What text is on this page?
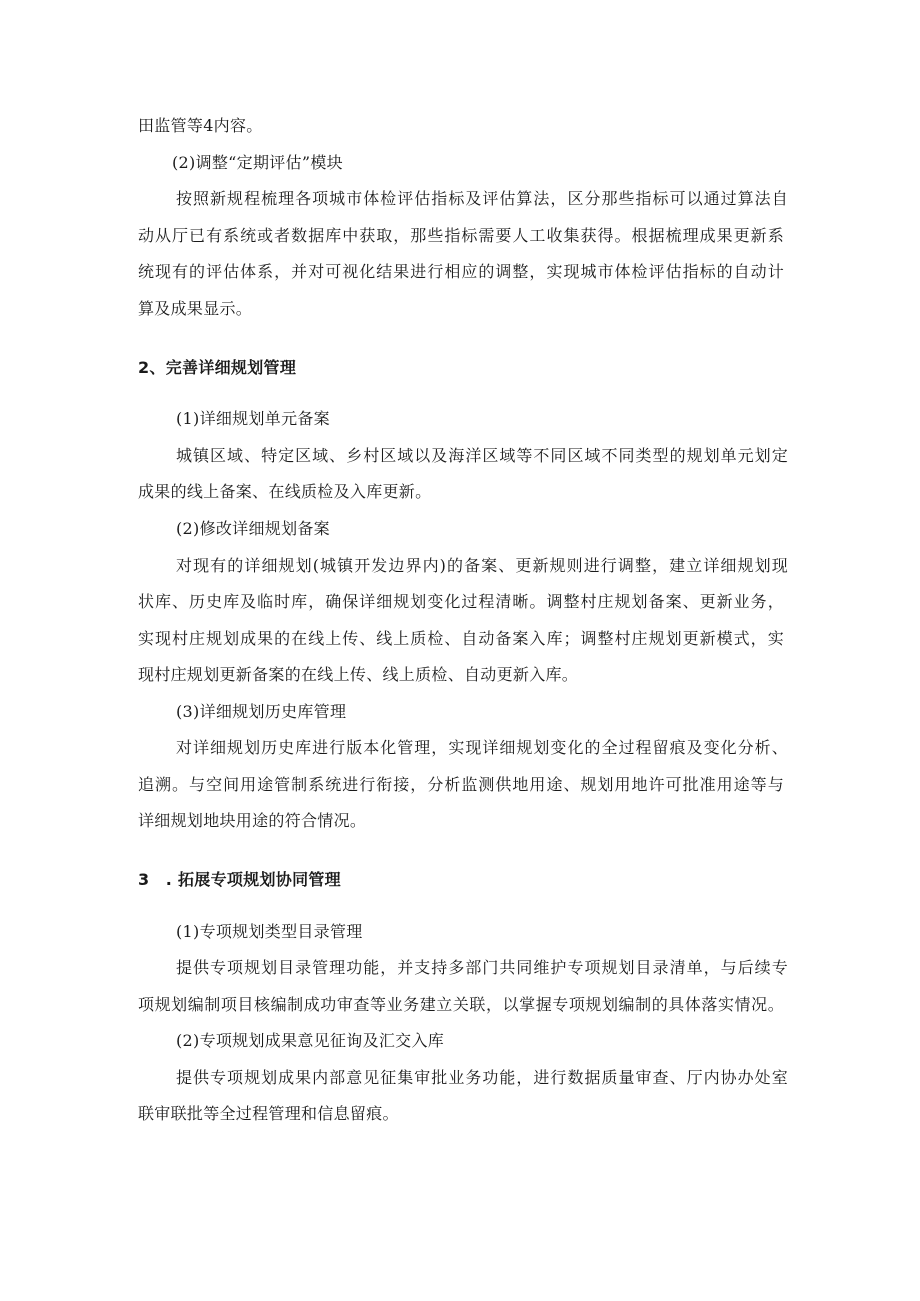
田监管等4内容。

(2)调整“定期评估”模块

按照新规程梳理各项城市体检评估指标及评估算法，区分那些指标可以通过算法自

动从厅已有系统或者数据库中获取，那些指标需要人工收集获得。根据梳理成果更新系

统现有的评估体系，并对可视化结果进行相应的调整，实现城市体检评估指标的自动计

算及成果显示。

2、完善详细规划管理

(1)详细规划单元备案

城镇区域、特定区域、乡村区域以及海洋区域等不同区域不同类型的规划单元划定

成果的线上备案、在线质检及入库更新。

(2)修改详细规划备案

对现有的详细规划(城镇开发边界内)的备案、更新规则进行调整，建立详细规划现

状库、历史库及临时库，确保详细规划变化过程清晰。调整村庄规划备案、更新业务，

实现村庄规划成果的在线上传、线上质检、自动备案入库；调整村庄规划更新模式，实

现村庄规划更新备案的在线上传、线上质检、自动更新入库。

(3)详细规划历史库管理

对详细规划历史库进行版本化管理，实现详细规划变化的全过程留痕及变化分析、

追溯。与空间用途管制系统进行衔接，分析监测供地用途、规划用地许可批准用途等与

详细规划地块用途的符合情况。

3　. 拓展专项规划协同管理

(1)专项规划类型目录管理

提供专项规划目录管理功能，并支持多部门共同维护专项规划目录清单，与后续专

项规划编制项目核编制成功审查等业务建立关联，以掌握专项规划编制的具体落实情况。

(2)专项规划成果意见征询及汇交入库

提供专项规划成果内部意见征集审批业务功能，进行数据质量审查、厅内协办处室

联审联批等全过程管理和信息留痕。
